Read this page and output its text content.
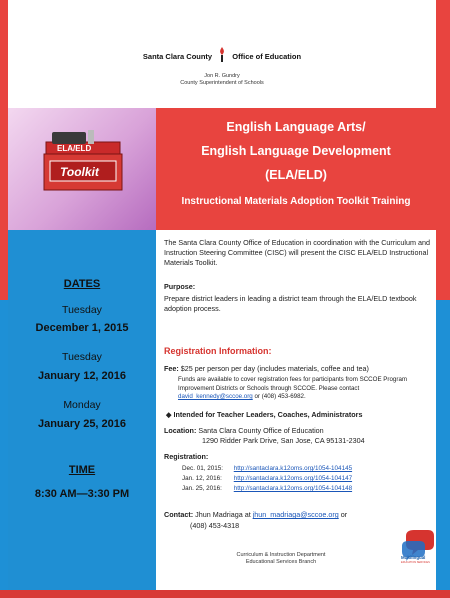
Santa Clara County	Office of Education
Jon R. Gundry
County Superintendent of Schools
ELA/ELD
Toolkit
English Language Arts/
English Language Development
(ELA/ELD)
Instructional Materials Adoption Toolkit Training
DATES
Tuesday
December 1, 2015
Tuesday
January 12, 2016
Monday
January 25, 2016
TIME
8:30 AM—3:30 PM
The Santa Clara County Office of Education in coordination with the Curriculum and Instruction Steering Committee (CISC) will present the CISC ELA/ELD Instructional Materials Toolkit.
Purpose:
Prepare district leaders in leading a district team through the ELA/ELD textbook adoption process.
Registration Information:
Fee: $25 per person per day (includes materials, coffee and tea)
Funds are available to cover registration fees for participants from SCCOE Program Improvement Districts or Schools through SCCOE. Please contact david_kennedy@sccoe.org or (408) 453-6982.
◆ Intended for Teacher Leaders, Coaches, Administrators
Location: Santa Clara County Office of Education
1290 Ridder Park Drive, San Jose, CA 95131-2304
Registration:
Dec. 01, 2015: http://santaclara.k12oms.org/1054-104145
Jan. 12, 2016: http://santaclara.k12oms.org/1054-104147
Jan. 25, 2016: http://santaclara.k12oms.org/1054-104148
Contact: Jhun Madriaga at jhun_madriaga@sccoe.org or
(408) 453-4318
Curriculum & Instruction Department
Educational Services Branch
Multilingual
EDUCATION SERVICES
